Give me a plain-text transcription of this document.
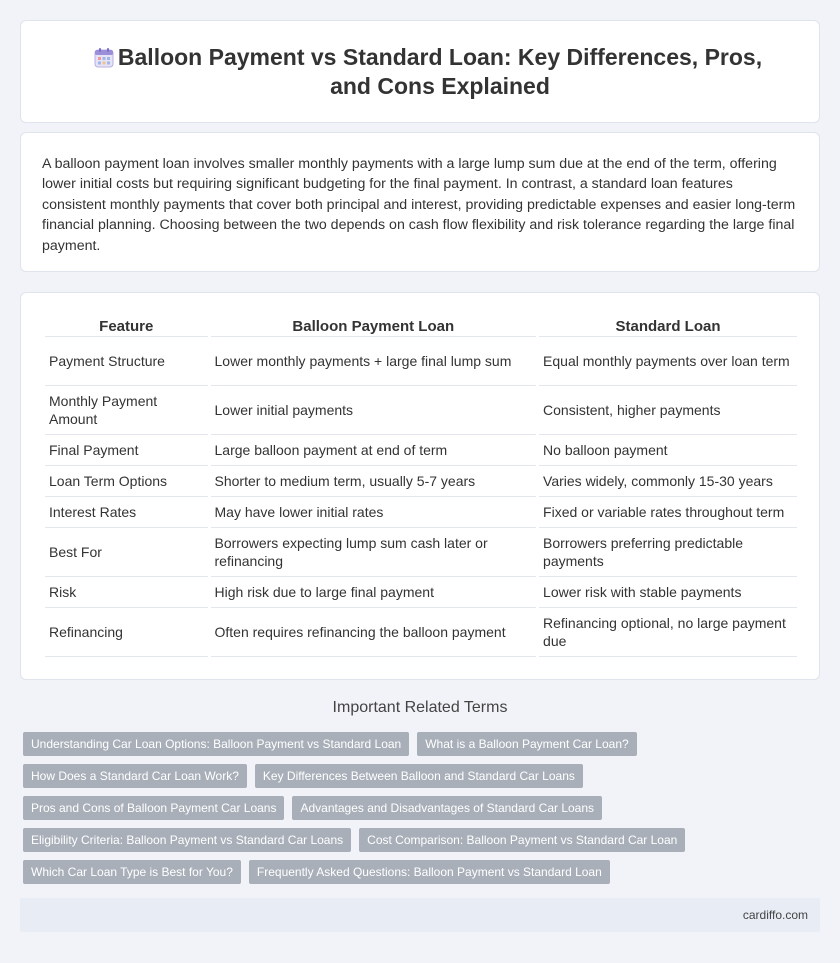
Balloon Payment vs Standard Loan: Key Differences, Pros, and Cons Explained

A balloon payment loan involves smaller monthly payments with a large lump sum due at the end of the term, offering lower initial costs but requiring significant budgeting for the final payment. In contrast, a standard loan features consistent monthly payments that cover both principal and interest, providing predictable expenses and easier long-term financial planning. Choosing between the two depends on cash flow flexibility and risk tolerance regarding the large final payment.

Feature	Balloon Payment Loan	Standard Loan
Payment Structure	Lower monthly payments + large final lump sum	Equal monthly payments over loan term
Monthly Payment Amount	Lower initial payments	Consistent, higher payments
Final Payment	Large balloon payment at end of term	No balloon payment
Loan Term Options	Shorter to medium term, usually 5-7 years	Varies widely, commonly 15-30 years
Interest Rates	May have lower initial rates	Fixed or variable rates throughout term
Best For	Borrowers expecting lump sum cash later or refinancing	Borrowers preferring predictable payments
Risk	High risk due to large final payment	Lower risk with stable payments
Refinancing	Often requires refinancing the balloon payment	Refinancing optional, no large payment due
Important Related Terms
Understanding Car Loan Options: Balloon Payment vs Standard Loan	What is a Balloon Payment Car Loan?
How Does a Standard Car Loan Work?	Key Differences Between Balloon and Standard Car Loans
Pros and Cons of Balloon Payment Car Loans	Advantages and Disadvantages of Standard Car Loans
Eligibility Criteria: Balloon Payment vs Standard Car Loans	Cost Comparison: Balloon Payment vs Standard Car Loan
Which Car Loan Type is Best for You?	Frequently Asked Questions: Balloon Payment vs Standard Loan
cardiffo.com
